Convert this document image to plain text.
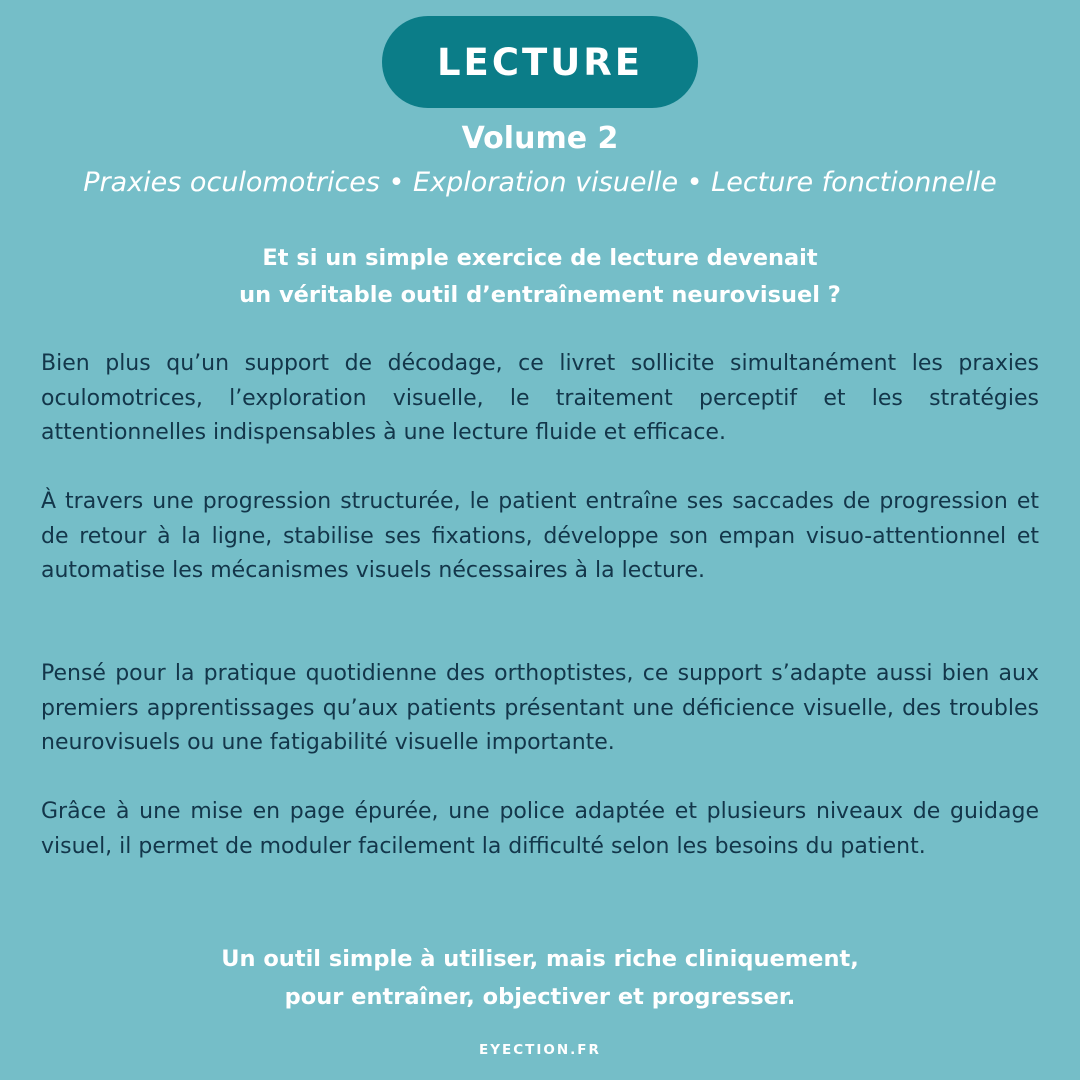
LECTURE
Volume 2
Praxies oculomotrices • Exploration visuelle • Lecture fonctionnelle
Et si un simple exercice de lecture devenait
un véritable outil d’entraînement neurovisuel ?

Bien plus qu’un support de décodage, ce livret sollicite simultanément les praxies oculomotrices, l’exploration visuelle, le traitement perceptif et les stratégies attentionnelles indispensables à une lecture fluide et efficace.

À travers une progression structurée, le patient entraîne ses saccades de progression et de retour à la ligne, stabilise ses fixations, développe son empan visuo-attentionnel et automatise les mécanismes visuels nécessaires à la lecture.

Pensé pour la pratique quotidienne des orthoptistes, ce support s’adapte aussi bien aux premiers apprentissages qu’aux patients présentant une déficience visuelle, des troubles neurovisuels ou une fatigabilité visuelle importante.

Grâce à une mise en page épurée, une police adaptée et plusieurs niveaux de guidage visuel, il permet de moduler facilement la difficulté selon les besoins du patient.

Un outil simple à utiliser, mais riche cliniquement,
pour entraîner, objectiver et progresser.
EYECTION.FR
